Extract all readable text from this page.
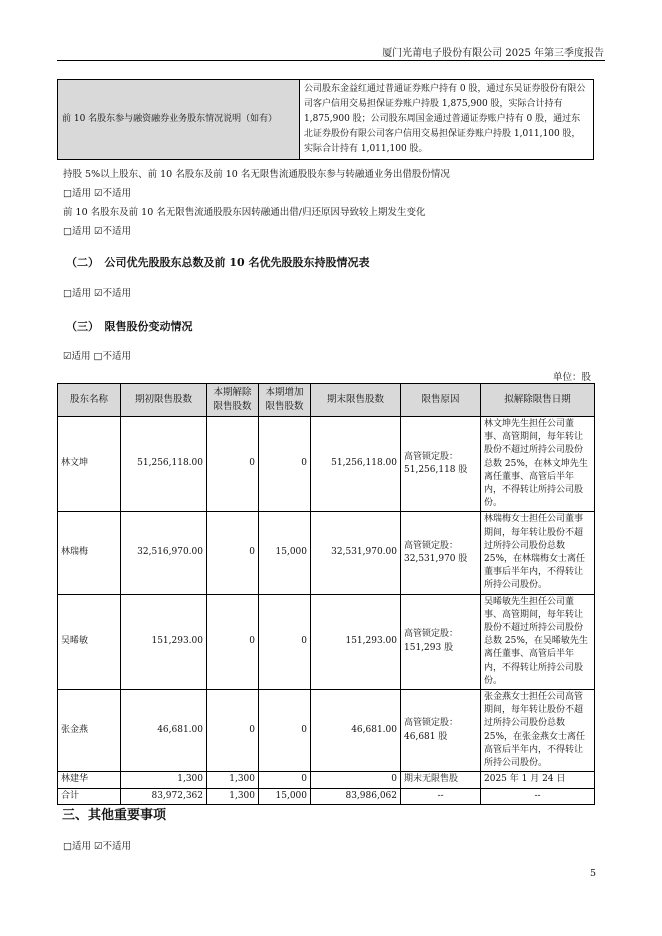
厦门光莆电子股份有限公司 2025 年第三季度报告
前 10 名股东参与融资融券业务股东情况说明（如有）	公司股东金益红通过普通证券账户持有 0 股，通过东吴证券股份有限公司客户信用交易担保证券账户持股 1,875,900 股，实际合计持有 1,875,900 股；公司股东周国金通过普通证券账户持有 0 股，通过东北证券股份有限公司客户信用交易担保证券账户持股 1,011,100 股，实际合计持有 1,011,100 股。
持股 5%以上股东、前 10 名股东及前 10 名无限售流通股股东参与转融通业务出借股份情况
□适用 ☑不适用
前 10 名股东及前 10 名无限售流通股股东因转融通出借/归还原因导致较上期发生变化
□适用 ☑不适用
（二）　公司优先股股东总数及前 10 名优先股股东持股情况表
□适用 ☑不适用
（三）　限售股份变动情况
☑适用 □不适用
单位：股
股东名称	期初限售股数	本期解除限售股数	本期增加限售股数	期末限售股数	限售原因	拟解除限售日期
林文坤	51,256,118.00	0	0	51,256,118.00	高管锁定股：51,256,118 股	林文坤先生担任公司董事、高管期间，每年转让股份不超过所持公司股份总数 25%，在林文坤先生离任董事、高管后半年内，不得转让所持公司股份。
林瑞梅	32,516,970.00	0	15,000	32,531,970.00	高管锁定股：32,531,970 股	林瑞梅女士担任公司董事期间，每年转让股份不超过所持公司股份总数 25%，在林瑞梅女士离任董事后半年内，不得转让所持公司股份。
吴晞敏	151,293.00	0	0	151,293.00	高管锁定股：151,293 股	吴晞敏先生担任公司董事、高管期间，每年转让股份不超过所持公司股份总数 25%，在吴晞敏先生离任董事、高管后半年内，不得转让所持公司股份。
张金燕	46,681.00	0	0	46,681.00	高管锁定股：46,681 股	张金燕女士担任公司高管期间，每年转让股份不超过所持公司股份总数 25%，在张金燕女士离任高管后半年内，不得转让所持公司股份。
林建华	1,300	1,300	0	0	期末无限售股	2025 年 1 月 24 日
合计	83,972,362	1,300	15,000	83,986,062	--	--
三、其他重要事项
□适用 ☑不适用
5
